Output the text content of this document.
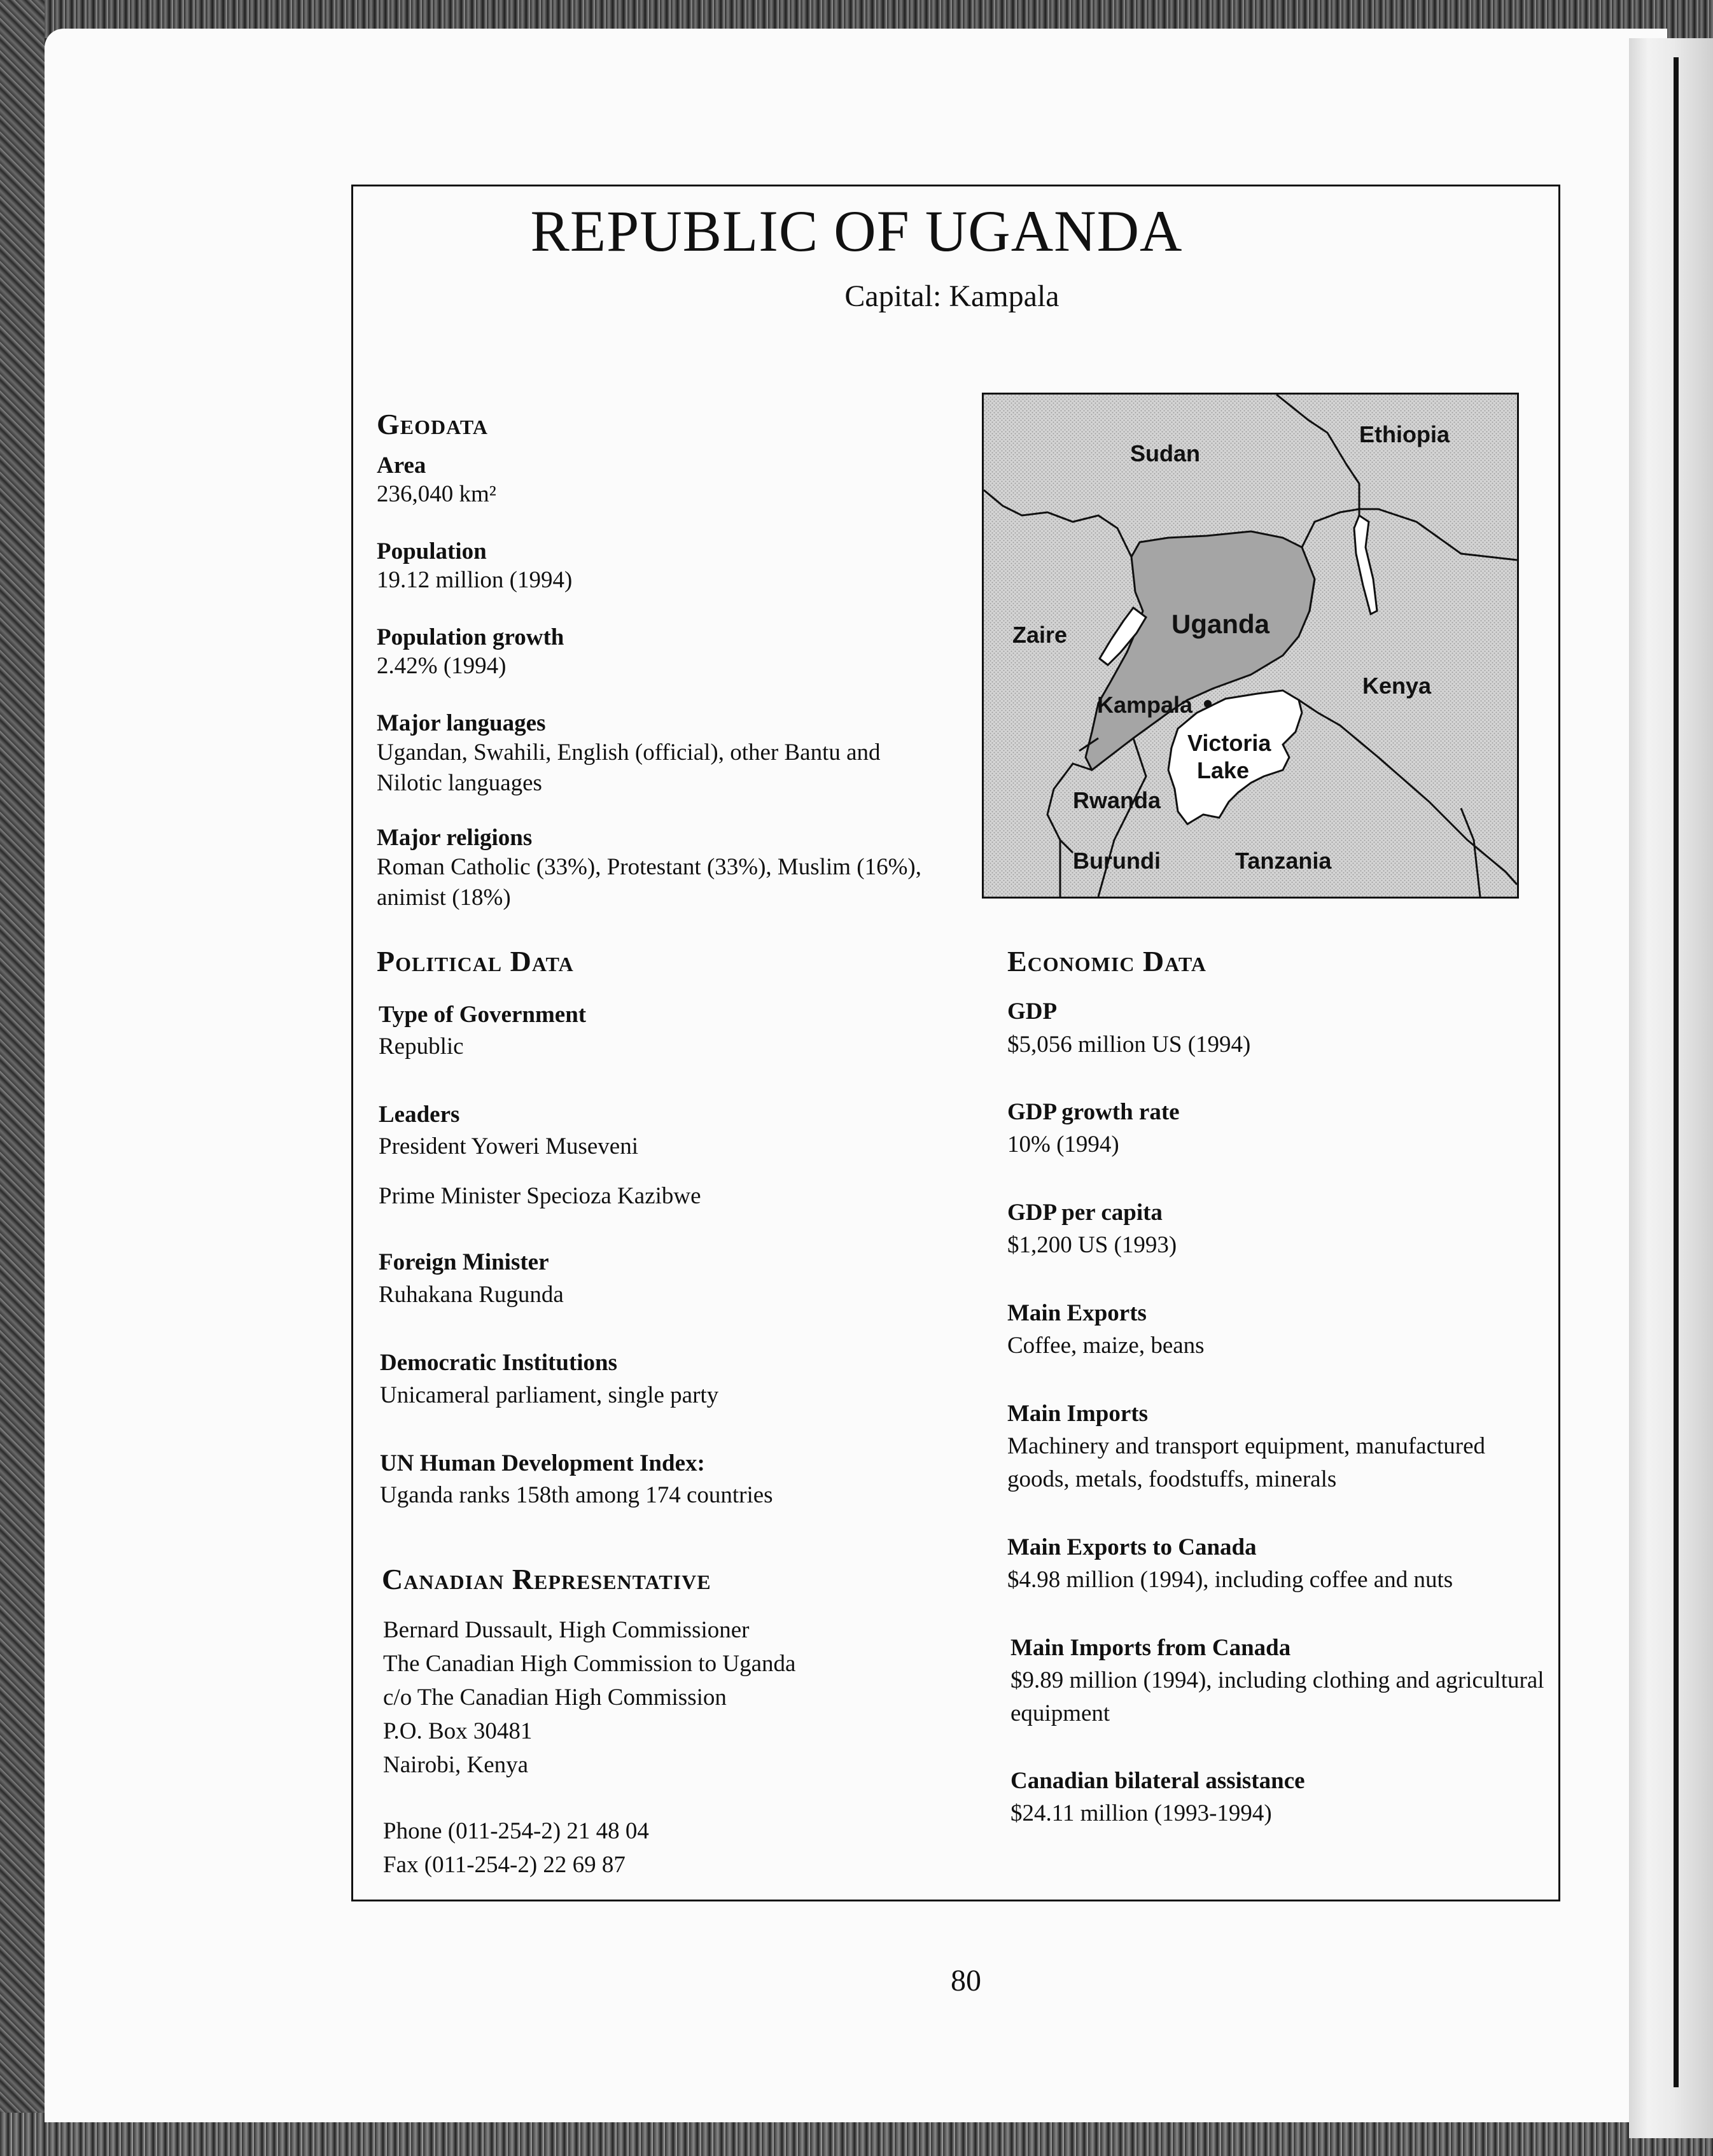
REPUBLIC OF UGANDA
Capital: Kampala
Geodata
Area
236,040 km²
Population
19.12 million (1994)
Population growth
2.42% (1994)
Major languages
Ugandan, Swahili, English (official), other Bantu and
Nilotic languages
Major religions
Roman Catholic (33%), Protestant (33%), Muslim (16%),
animist (18%)
Sudan
Ethiopia
Zaire	Uganda
Kenya
Kampala
Victoria
Lake
Rwanda
Burundi	Tanzania
Political Data
Type of Government
Republic
Leaders
President Yoweri Museveni
Prime Minister Specioza Kazibwe
Foreign Minister
Ruhakana Rugunda
Democratic Institutions
Unicameral parliament, single party
UN Human Development Index:
Uganda ranks 158th among 174 countries
Canadian Representative
Bernard Dussault, High Commissioner
The Canadian High Commission to Uganda
c/o The Canadian High Commission
P.O. Box 30481
Nairobi, Kenya
Phone (011-254-2) 21 48 04
Fax (011-254-2) 22 69 87
Economic Data
GDP
$5,056 million US (1994)
GDP growth rate
10% (1994)
GDP per capita
$1,200 US (1993)
Main Exports
Coffee, maize, beans
Main Imports
Machinery and transport equipment, manufactured
goods, metals, foodstuffs, minerals
Main Exports to Canada
$4.98 million (1994), including coffee and nuts
Main Imports from Canada
$9.89 million (1994), including clothing and agricultural
equipment
Canadian bilateral assistance
$24.11 million (1993-1994)
80
